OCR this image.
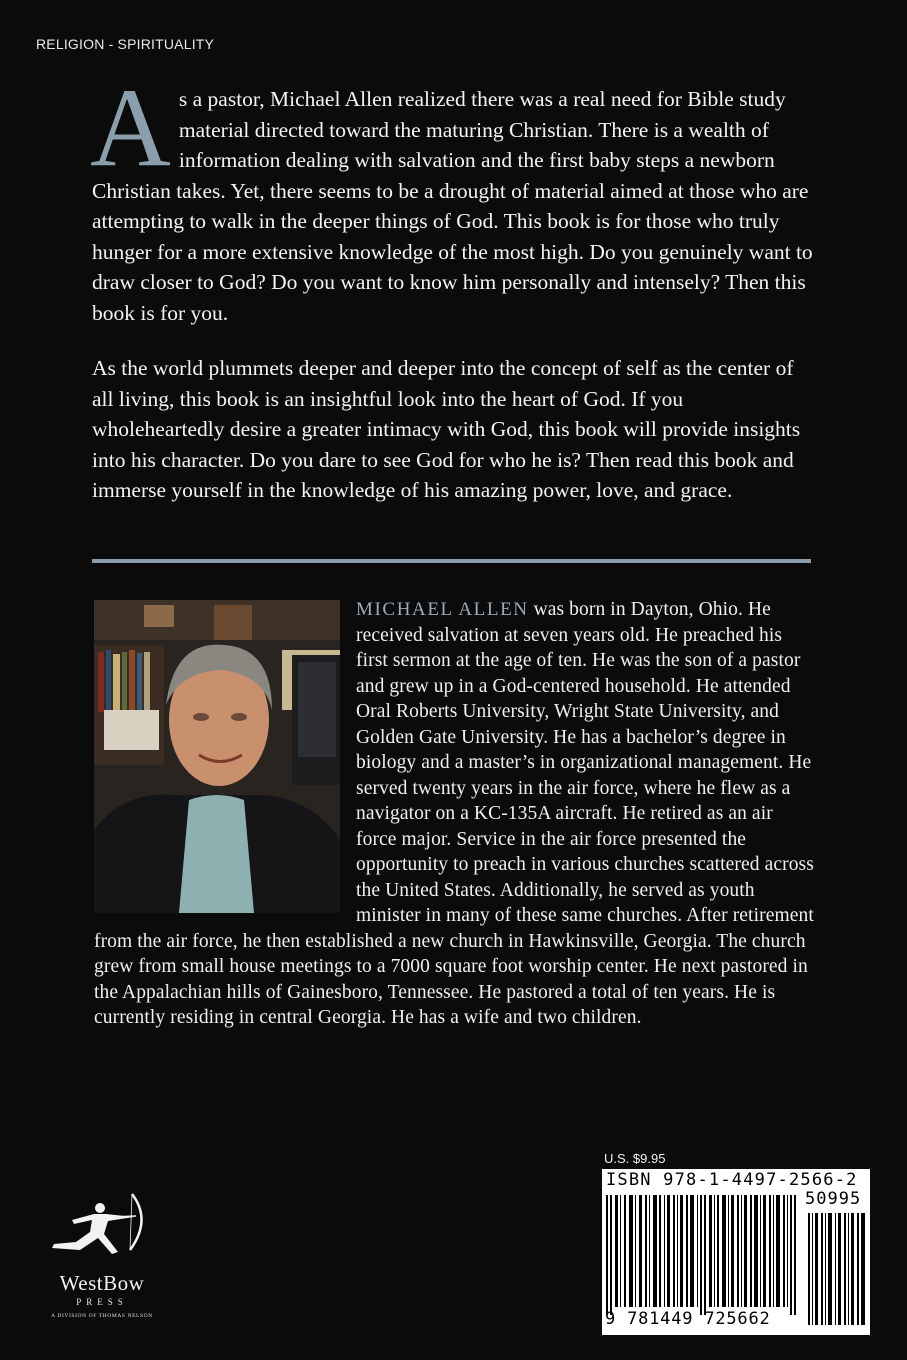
RELIGION - SPIRITUALITY

As a pastor, Michael Allen realized there was a real need for Bible study material directed toward the maturing Christian. There is a wealth of information dealing with salvation and the first baby steps a newborn Christian takes. Yet, there seems to be a drought of material aimed at those who are attempting to walk in the deeper things of God. This book is for those who truly hunger for a more extensive knowledge of the most high. Do you genuinely want to draw closer to God? Do you want to know him personally and intensely? Then this book is for you.

As the world plummets deeper and deeper into the concept of self as the center of all living, this book is an insightful look into the heart of God. If you wholeheartedly desire a greater intimacy with God, this book will provide insights into his character. Do you dare to see God for who he is? Then read this book and immerse yourself in the knowledge of his amazing power, love, and grace.

MICHAEL ALLEN was born in Dayton, Ohio. He received salvation at seven years old. He preached his first sermon at the age of ten. He was the son of a pastor and grew up in a God-centered household. He attended Oral Roberts University, Wright State University, and Golden Gate University. He has a bachelor’s degree in biology and a master’s in organizational management. He served twenty years in the air force, where he flew as a navigator on a KC-135A aircraft. He retired as an air force major. Service in the air force presented the opportunity to preach in various churches scattered across the United States. Additionally, he served as youth minister in many of these same churches. After retirement from the air force, he then established a new church in Hawkinsville, Georgia. The church grew from small house meetings to a 7000 square foot worship center. He next pastored in the Appalachian hills of Gainesboro, Tennessee. He pastored a total of ten years. He is currently residing in central Georgia. He has a wife and two children.

U.S. $9.95
ISBN 978-1-4497-2566-2
50995
9 781449 725662
WestBow
PRESS
A DIVISION OF THOMAS NELSON
